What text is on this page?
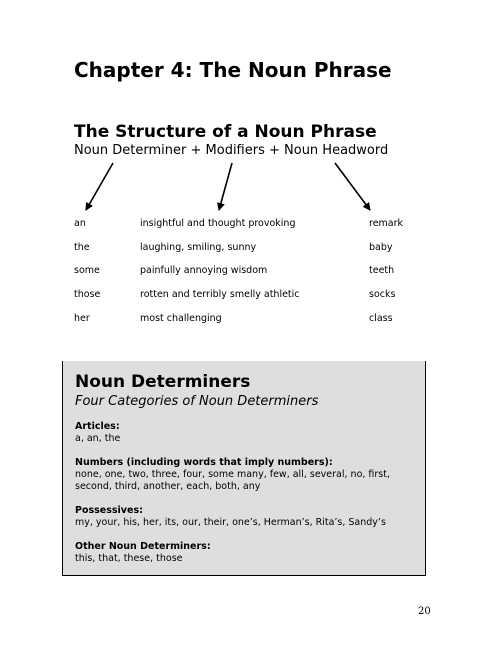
Chapter 4: The Noun Phrase
The Structure of a Noun Phrase
Noun Determiner + Modifiers + Noun Headword
an	insightful and thought provoking	remark
the	laughing, smiling, sunny	baby
some	painfully annoying wisdom	teeth
those	rotten and terribly smelly athletic	socks
her	most challenging	class
Noun Determiners
Four Categories of Noun Determiners
Articles:
a, an, the
Numbers (including words that imply numbers):
none, one, two, three, four, some many, few, all, several, no, first, second, third, another, each, both, any
Possessives:
my, your, his, her, its, our, their, one’s, Herman’s, Rita’s, Sandy’s
Other Noun Determiners:
this, that, these, those
20
